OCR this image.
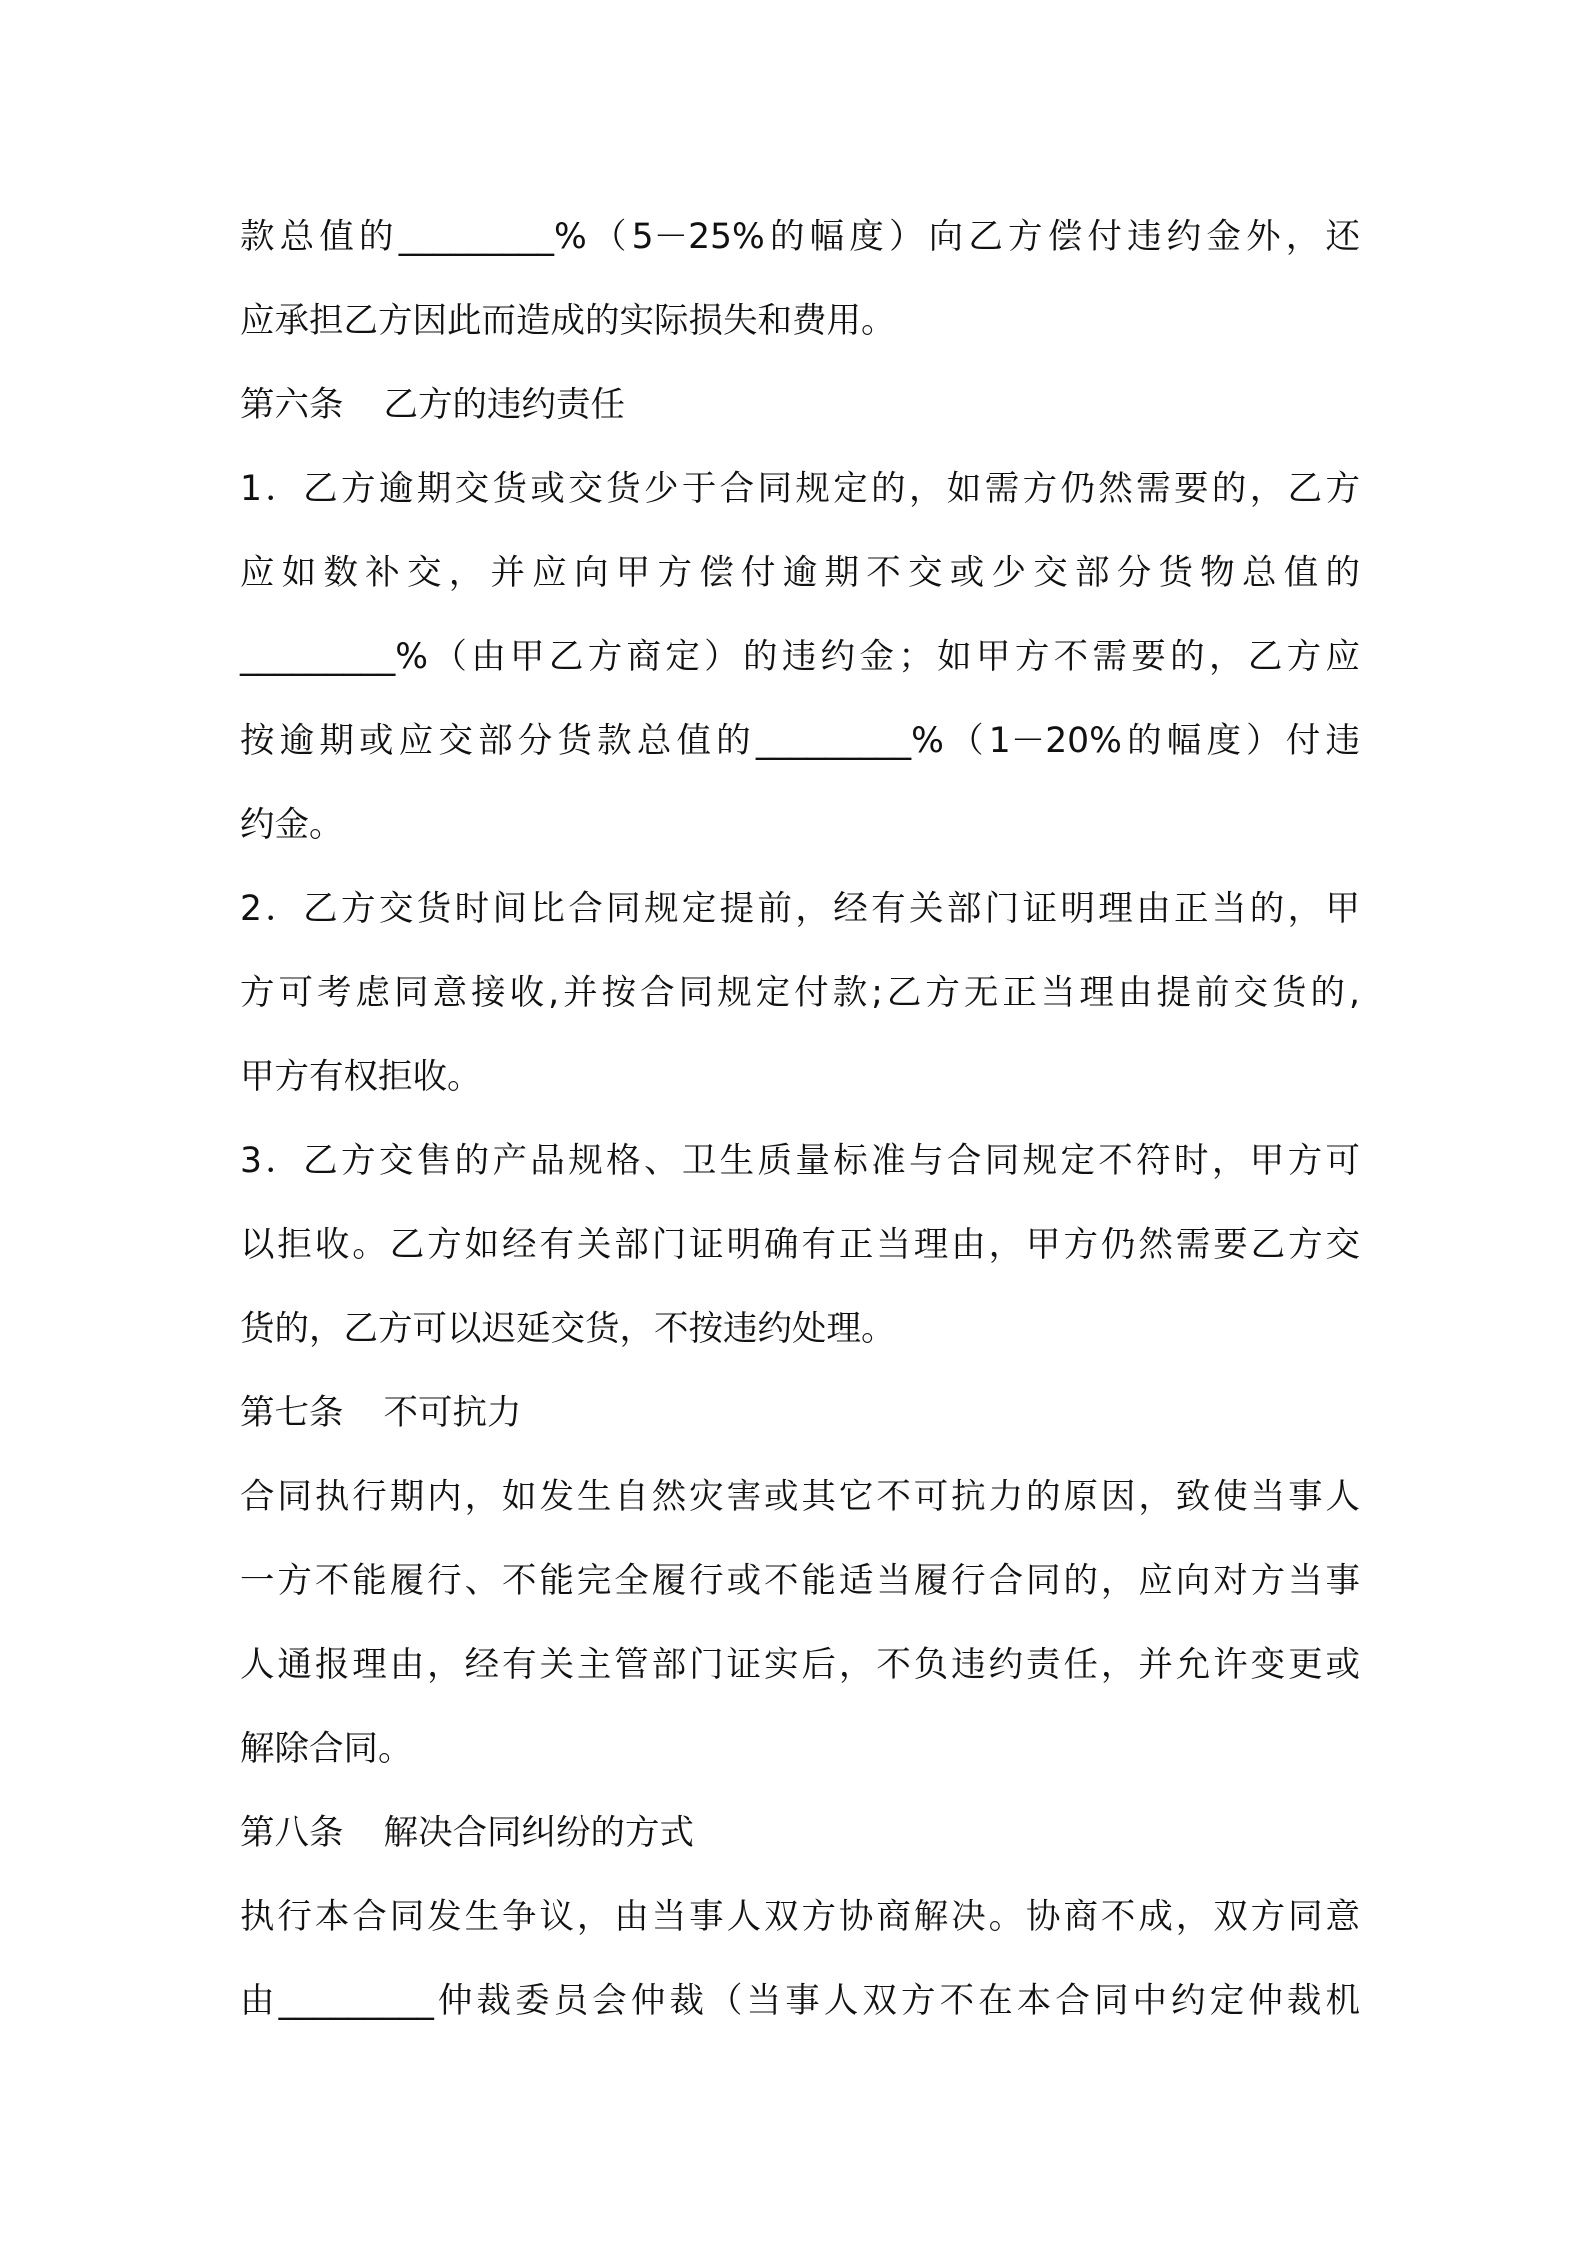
款总值的_________%（5－25%的幅度）向乙方偿付违约金外，还
应承担乙方因此而造成的实际损失和费用。
第六条 乙方的违约责任
1．乙方逾期交货或交货少于合同规定的，如需方仍然需要的，乙方
应如数补交，并应向甲方偿付逾期不交或少交部分货物总值的
_________%（由甲乙方商定）的违约金；如甲方不需要的，乙方应
按逾期或应交部分货款总值的_________%（1－20%的幅度）付违
约金。
2．乙方交货时间比合同规定提前，经有关部门证明理由正当的，甲
方可考虑同意接收,并按合同规定付款;乙方无正当理由提前交货的,
甲方有权拒收。
3．乙方交售的产品规格、卫生质量标准与合同规定不符时，甲方可
以拒收。乙方如经有关部门证明确有正当理由，甲方仍然需要乙方交
货的，乙方可以迟延交货，不按违约处理。
第七条 不可抗力
合同执行期内，如发生自然灾害或其它不可抗力的原因，致使当事人
一方不能履行、不能完全履行或不能适当履行合同的，应向对方当事
人通报理由，经有关主管部门证实后，不负违约责任，并允许变更或
解除合同。
第八条 解决合同纠纷的方式
执行本合同发生争议，由当事人双方协商解决。协商不成，双方同意
由_________仲裁委员会仲裁（当事人双方不在本合同中约定仲裁机
